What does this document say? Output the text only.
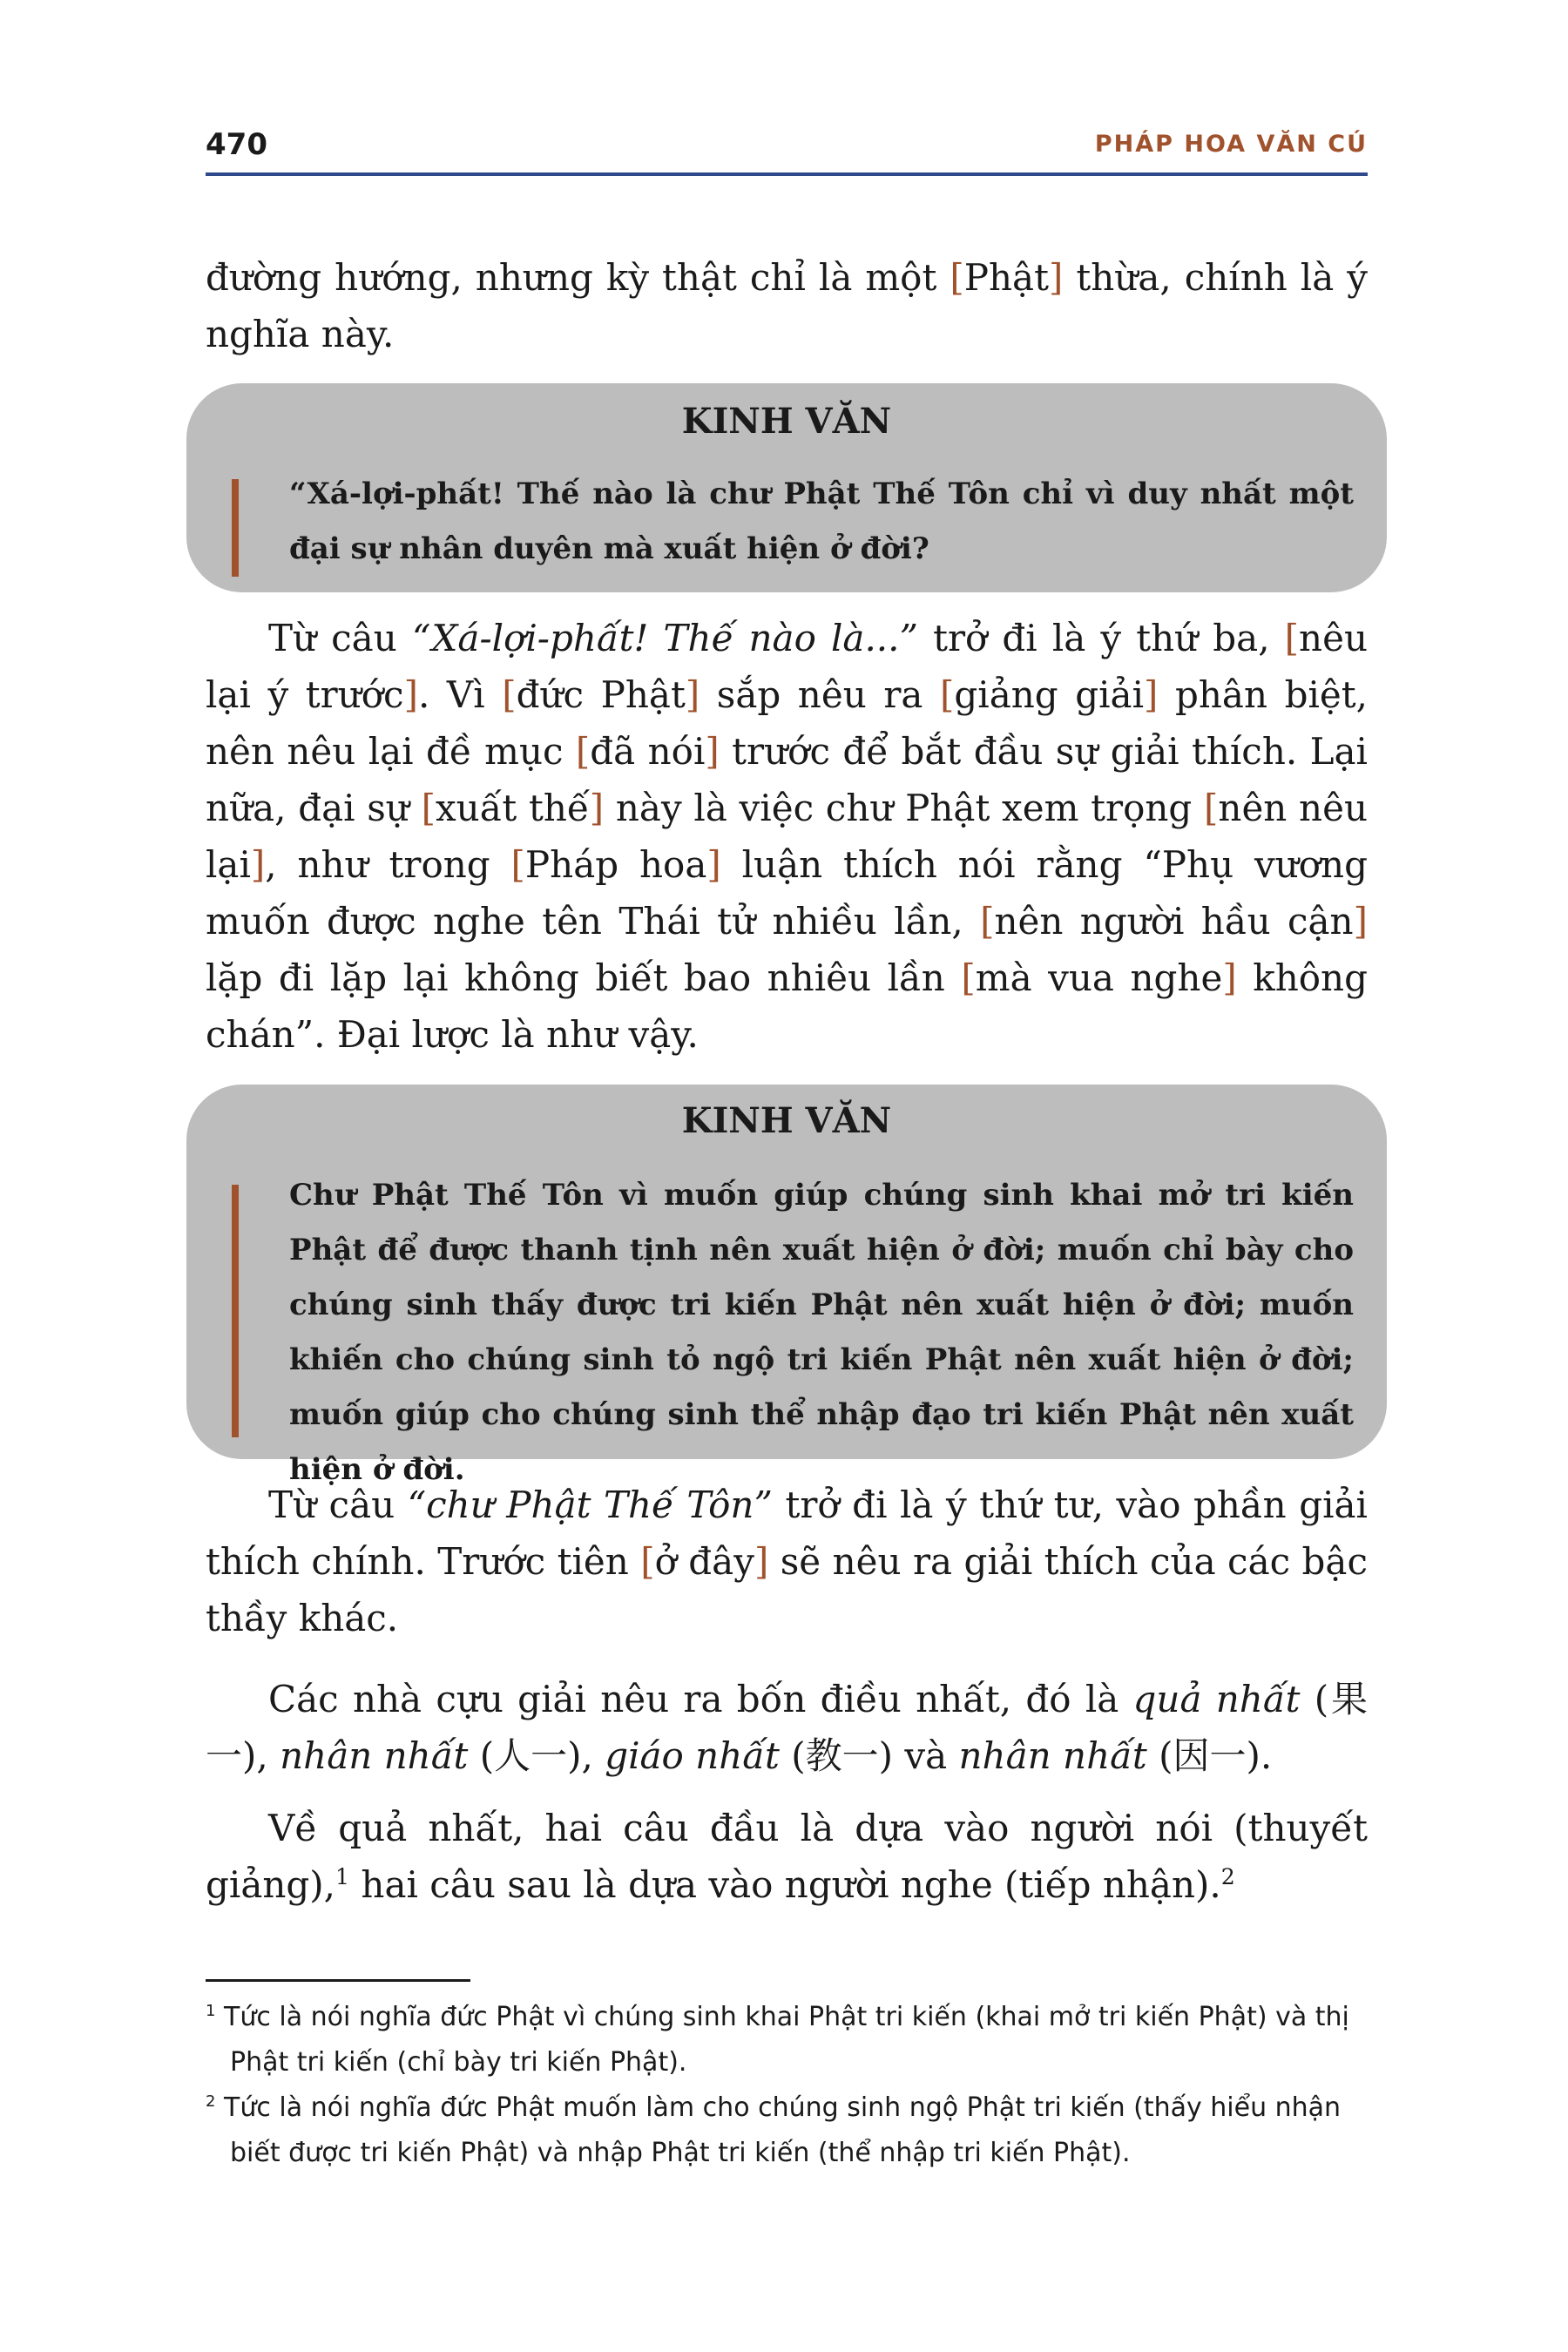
470	PHÁP HOA VĂN CÚ

đường hướng, nhưng kỳ thật chỉ là một [Phật] thừa, chính là ý nghĩa này.

KINH VĂN

“Xá-lợi-phất! Thế nào là chư Phật Thế Tôn chỉ vì duy nhất một đại sự nhân duyên mà xuất hiện ở đời?

Từ câu “Xá-lợi-phất! Thế nào là...” trở đi là ý thứ ba, [nêu lại ý trước]. Vì [đức Phật] sắp nêu ra [giảng giải] phân biệt, nên nêu lại đề mục [đã nói] trước để bắt đầu sự giải thích. Lại nữa, đại sự [xuất thế] này là việc chư Phật xem trọng [nên nêu lại], như trong [Pháp hoa] luận thích nói rằng “Phụ vương muốn được nghe tên Thái tử nhiều lần, [nên người hầu cận] lặp đi lặp lại không biết bao nhiêu lần [mà vua nghe] không chán”. Đại lược là như vậy.

KINH VĂN

Chư Phật Thế Tôn vì muốn giúp chúng sinh khai mở tri kiến Phật để được thanh tịnh nên xuất hiện ở đời; muốn chỉ bày cho chúng sinh thấy được tri kiến Phật nên xuất hiện ở đời; muốn khiến cho chúng sinh tỏ ngộ tri kiến Phật nên xuất hiện ở đời; muốn giúp cho chúng sinh thể nhập đạo tri kiến Phật nên xuất hiện ở đời.

Từ câu “chư Phật Thế Tôn” trở đi là ý thứ tư, vào phần giải thích chính. Trước tiên [ở đây] sẽ nêu ra giải thích của các bậc thầy khác.

Các nhà cựu giải nêu ra bốn điều nhất, đó là quả nhất (果一), nhân nhất (人一), giáo nhất (教一) và nhân nhất (因一).

Về quả nhất, hai câu đầu là dựa vào người nói (thuyết giảng),$^1$ hai câu sau là dựa vào người nghe (tiếp nhận).$^2$

$^1$ Tức là nói nghĩa đức Phật vì chúng sinh khai Phật tri kiến (khai mở tri kiến Phật) và thị Phật tri kiến (chỉ bày tri kiến Phật).

$^2$ Tức là nói nghĩa đức Phật muốn làm cho chúng sinh ngộ Phật tri kiến (thấy hiểu nhận biết được tri kiến Phật) và nhập Phật tri kiến (thể nhập tri kiến Phật).
